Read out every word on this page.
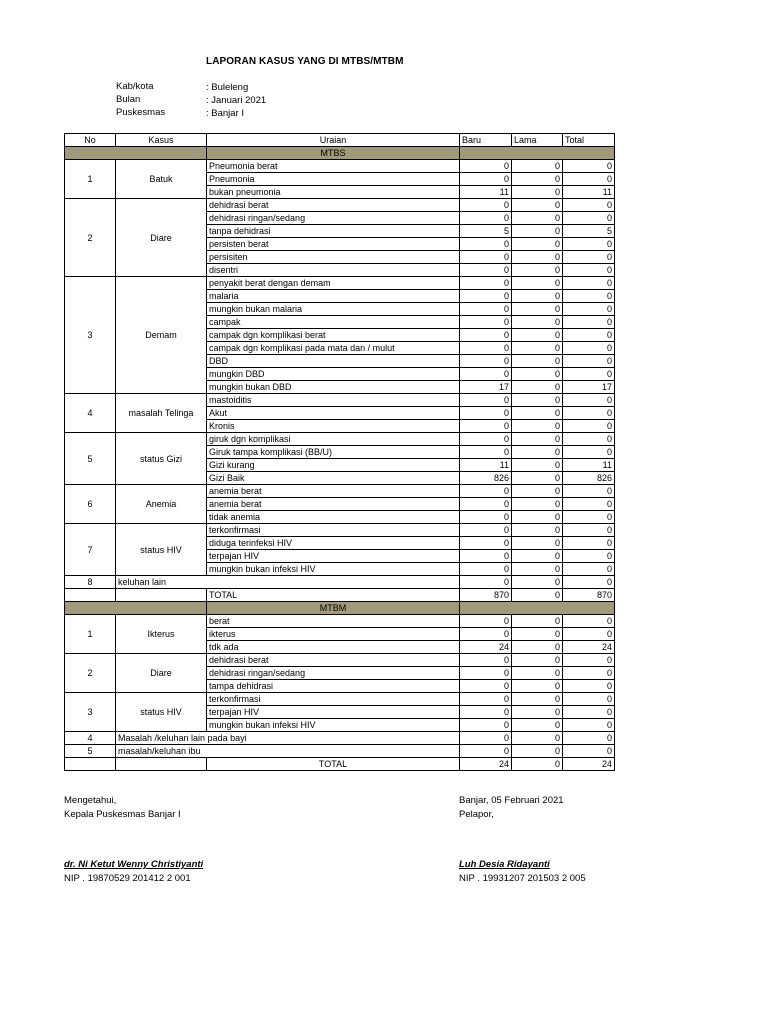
LAPORAN KASUS YANG DI MTBS/MTBM
Kab/kota	: Buleleng
Bulan	: Januari 2021
Puskesmas	: Banjar I
No	Kasus	Uraian	Baru	Lama	Total
		MTBS			
1	Batuk	Pneumonia berat	0	0	0
		Pneumonia	0	0	0
		bukan pneumonia	11	0	11
2	Diare	dehidrasi berat	0	0	0
		dehidrasi ringan/sedang	0	0	0
		tanpa dehidrasi	5	0	5
		persisten berat	0	0	0
		persisiten	0	0	0
		disentri	0	0	0
3	Demam	penyakit berat dengan demam	0	0	0
		malaria	0	0	0
		mungkin bukan malaria	0	0	0
		campak	0	0	0
		campak dgn komplikasi berat	0	0	0
		campak dgn komplikasi pada mata dan / mulut	0	0	0
		DBD	0	0	0
		mungkin DBD	0	0	0
		mungkin bukan DBD	17	0	17
4	masalah Telinga	mastoiditis	0	0	0
		Akut	0	0	0
		Kronis	0	0	0
5	status Gizi	giruk dgn komplikasi	0	0	0
		Giruk tampa komplikasi (BB/U)	0	0	0
		Gizi kurang	11	0	11
		Gizi Baik	826	0	826
6	Anemia	anemia berat	0	0	0
		anemia berat	0	0	0
		tidak anemia	0	0	0
7	status HIV	terkonfirmasi	0	0	0
		diduga terinfeksi HIV	0	0	0
		terpajan HIV	0	0	0
		mungkin bukan infeksi HIV	0	0	0
8	keluhan lain		0	0	0
		TOTAL	870	0	870
		MTBM			
1	Ikterus	berat	0	0	0
		ikterus	0	0	0
		tdk ada	24	0	24
2	Diare	dehidrasi berat	0	0	0
		dehidrasi ringan/sedang	0	0	0
		tampa dehidrasi	0	0	0
3	status HIV	terkonfirmasi	0	0	0
		terpajan HIV	0	0	0
		mungkin bukan infeksi HIV	0	0	0
4	Masalah /keluhan lain pada bayi		0	0	0
5	masalah/keluhan ibu		0	0	0
		TOTAL	24	0	24
Mengetahui,
Kepala Puskesmas Banjar I
dr. Ni Ketut Wenny Christiyanti
NIP . 19870529 201412 2 001
Banjar, 05 Februari 2021
Pelapor,
Luh Desia Ridayanti
NIP . 19931207 201503 2 005
